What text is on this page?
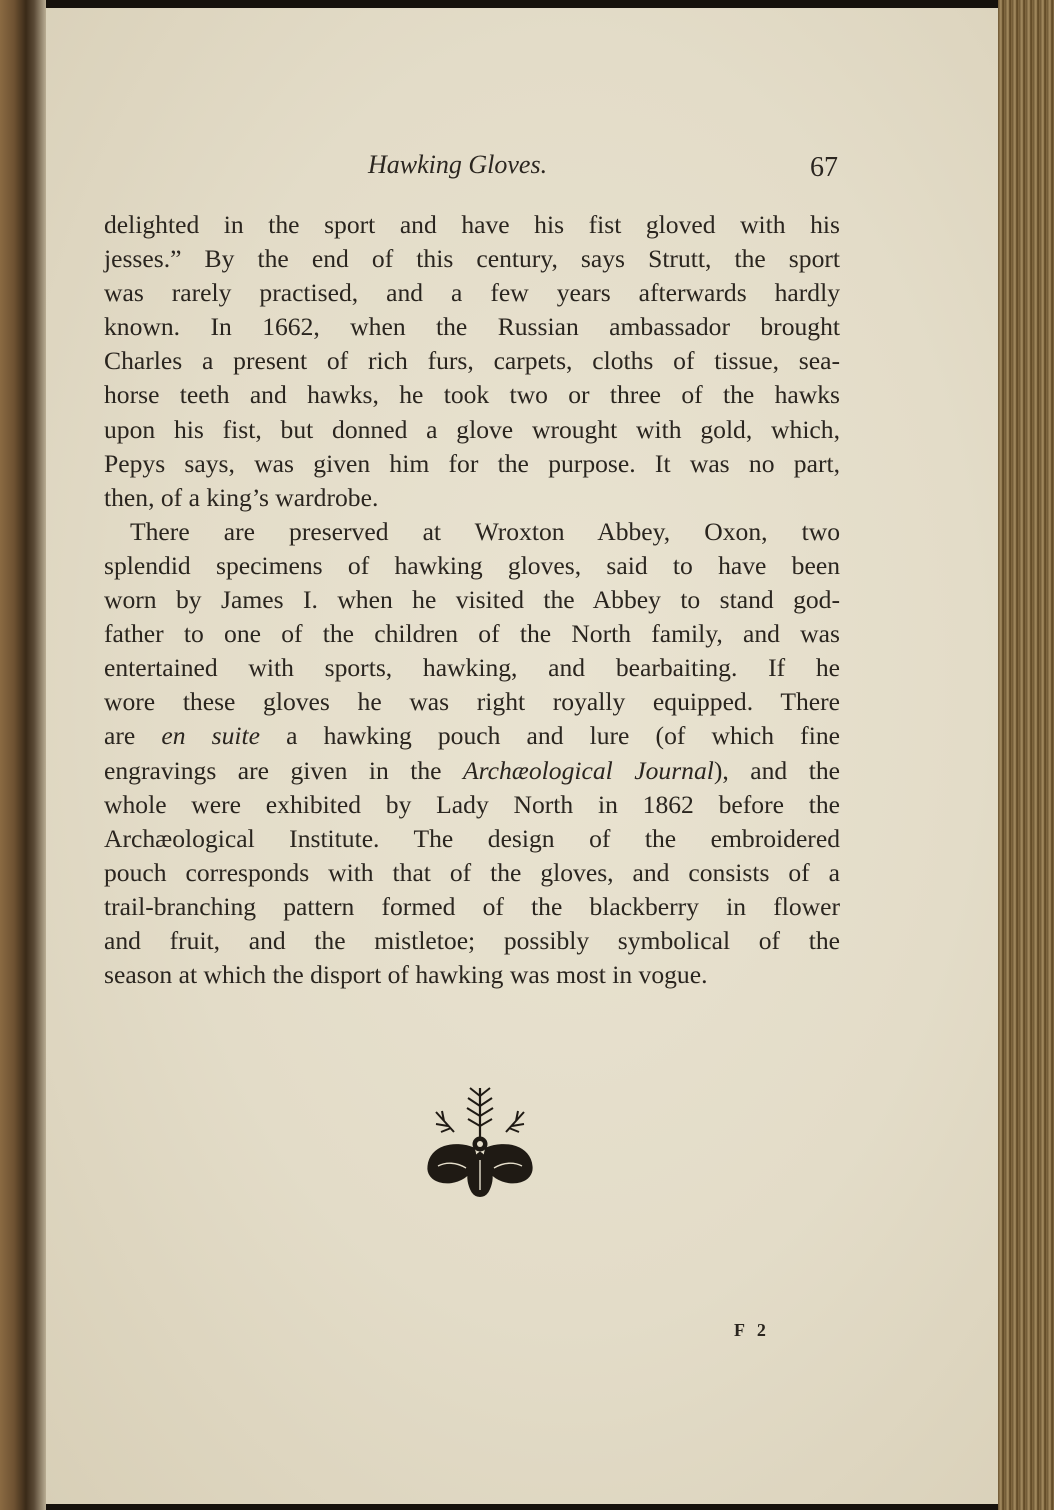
Hawking Gloves.	67
delighted in the sport and have his fist gloved with his
jesses.” By the end of this century, says Strutt, the sport
was rarely practised, and a few years afterwards hardly
known. In 1662, when the Russian ambassador brought
Charles a present of rich furs, carpets, cloths of tissue, sea-
horse teeth and hawks, he took two or three of the hawks
upon his fist, but donned a glove wrought with gold, which,
Pepys says, was given him for the purpose. It was no part,
then, of a king’s wardrobe.
There are preserved at Wroxton Abbey, Oxon, two
splendid specimens of hawking gloves, said to have been
worn by James I. when he visited the Abbey to stand god-
father to one of the children of the North family, and was
entertained with sports, hawking, and bearbaiting. If he
wore these gloves he was right royally equipped. There
are en suite a hawking pouch and lure (of which fine
engravings are given in the Archæological Journal), and the
whole were exhibited by Lady North in 1862 before the
Archæological Institute. The design of the embroidered
pouch corresponds with that of the gloves, and consists of a
trail-branching pattern formed of the blackberry in flower
and fruit, and the mistletoe; possibly symbolical of the
season at which the disport of hawking was most in vogue.
F 2
